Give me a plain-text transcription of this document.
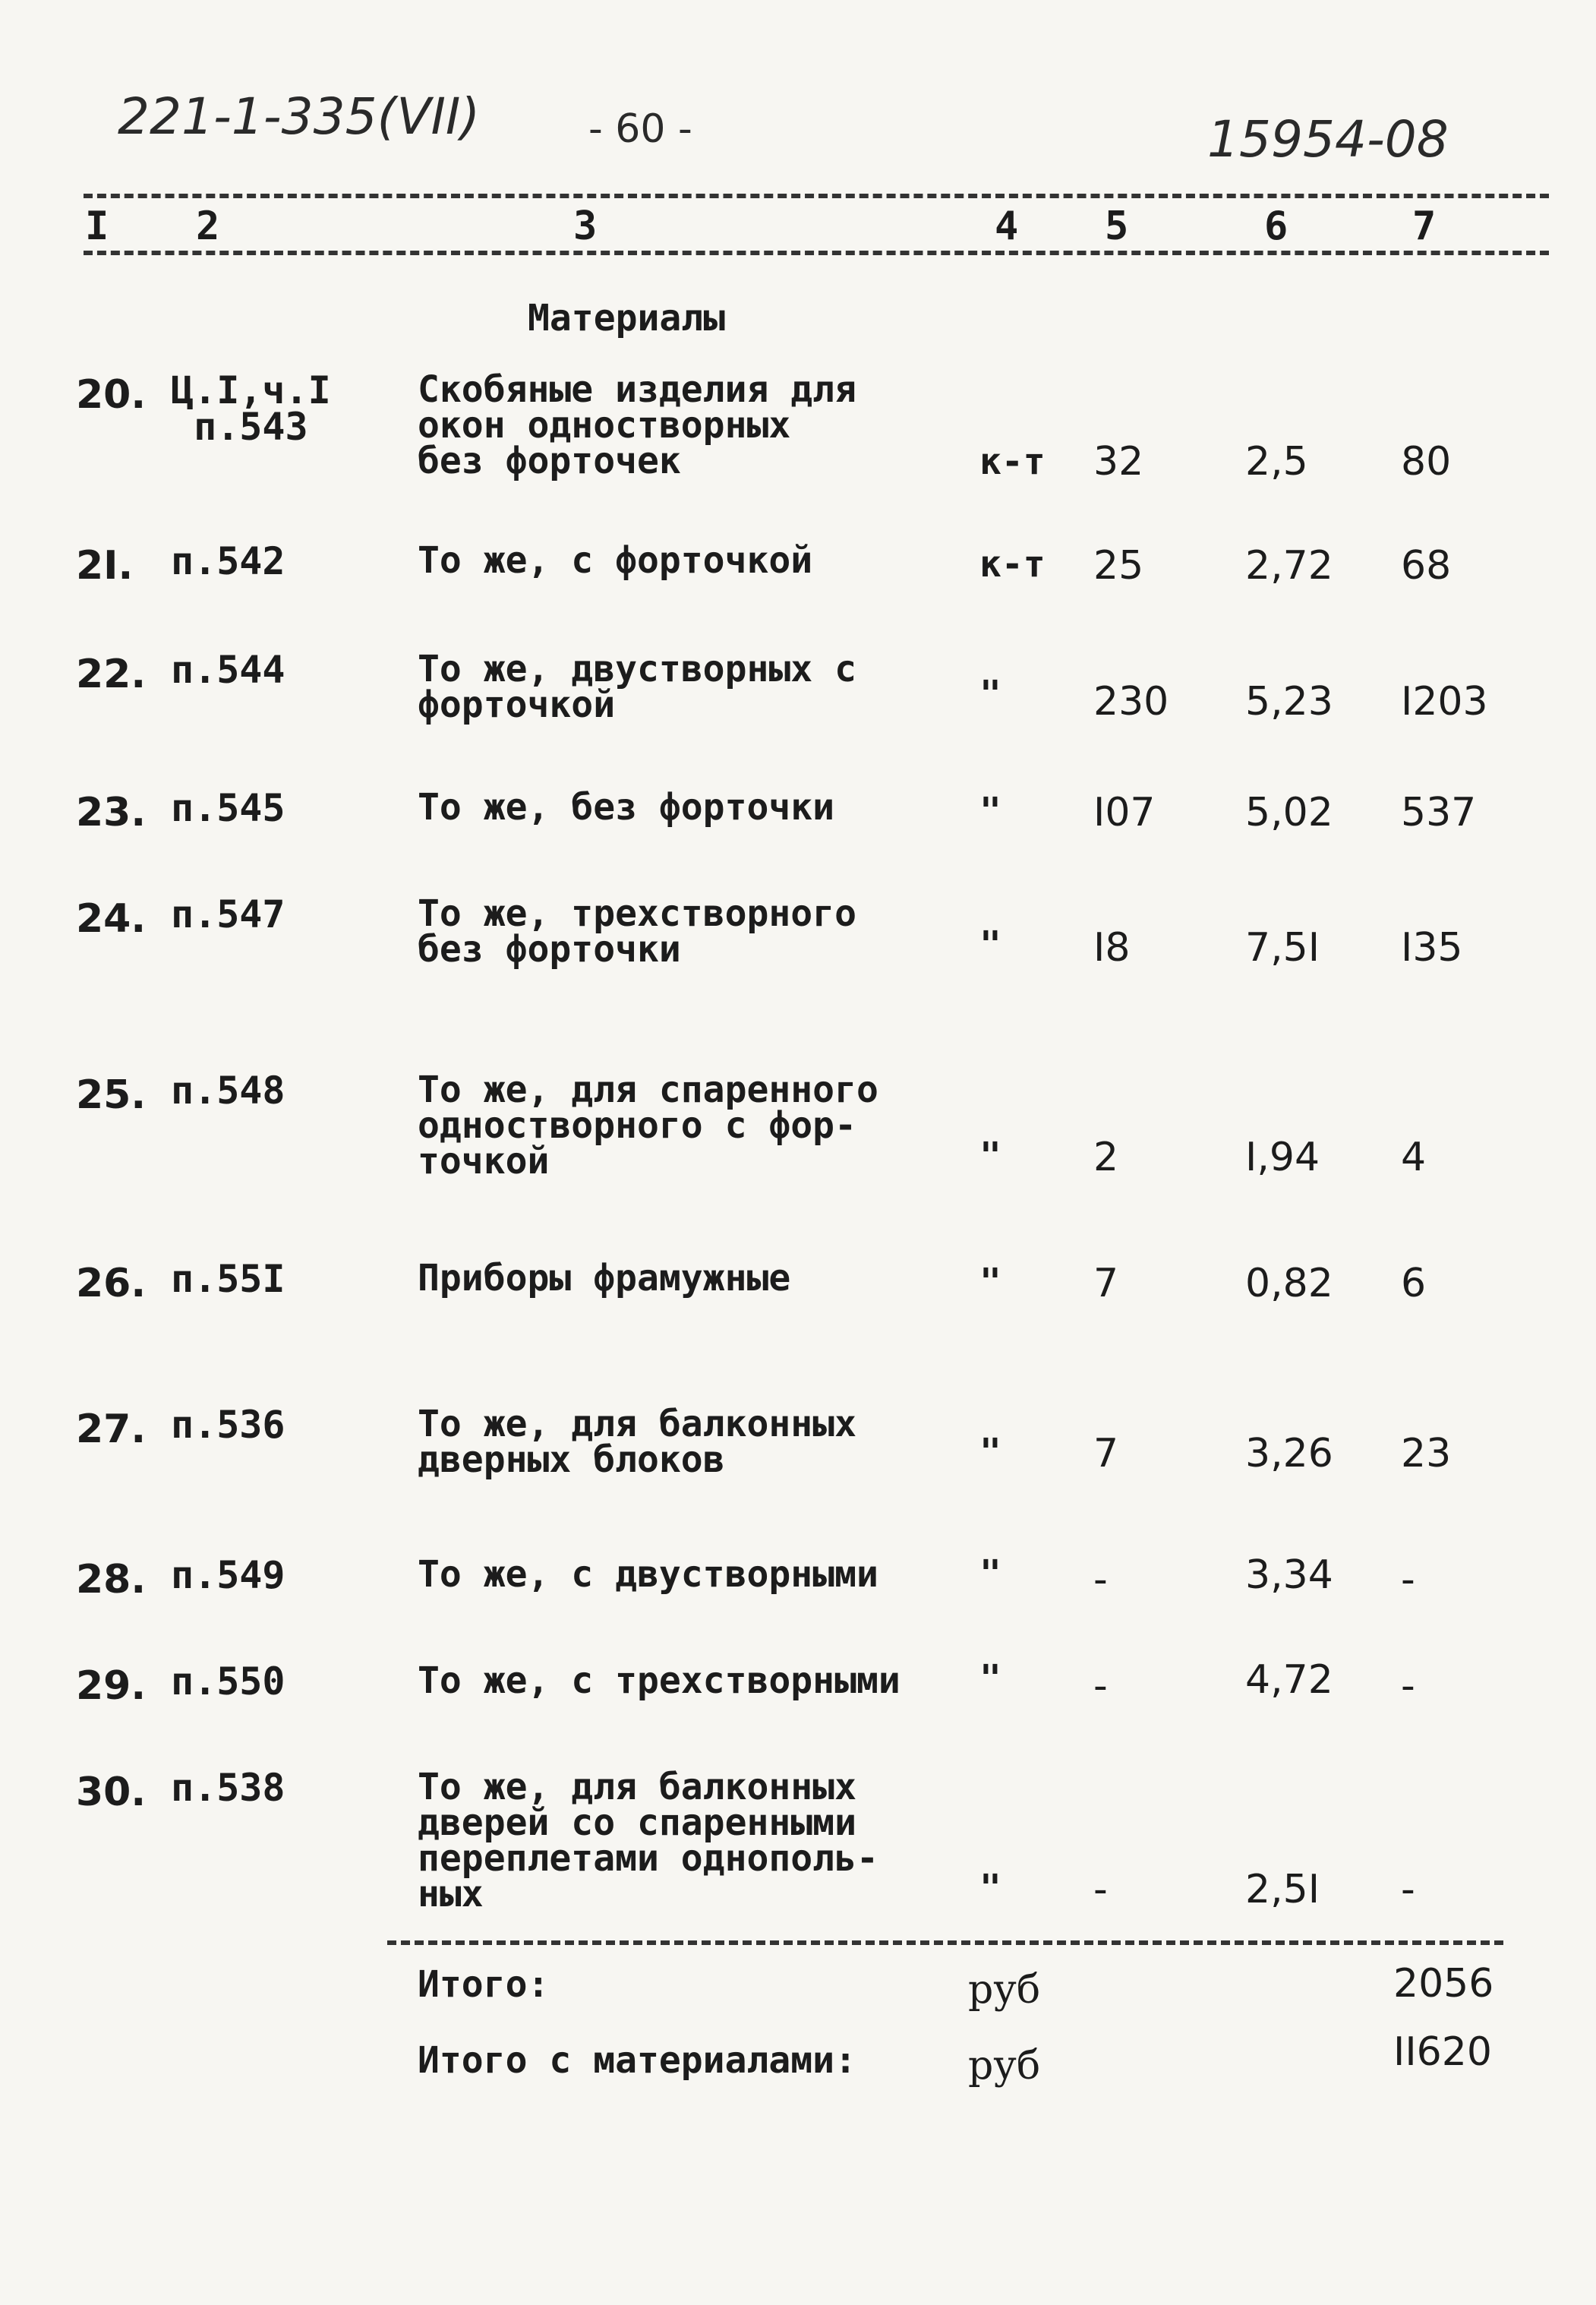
221-1-335(VII)	- 60 -	15954-08
I 2	3	4 5	6	7
Материалы
20. Ц.I,ч.I
п.543
Скобяные изделия для
окон одностворных
без форточек	к-т 32	2,5 80
2I. п.542	То же, с форточкой	к-т 25	2,72 68
22. п.544	То же, двустворных с
форточкой	" 230 5,23 I203
23. п.545	То же, без форточки	" I07 5,02 537
24. п.547	То же, трехстворного
без форточки	" I8	7,5I I35
25. п.548	То же, для спаренного
одностворного с фор-
точкой	" 2	I,94 4
26. п.55I	Приборы фрамужные	" 7	0,82 6
27. п.536	То же, для балконных
дверных блоков	" 7	3,26 23
28. п.549	То же, с двустворными	" -	3,34 -
29. п.550	То же, с трехстворными	" -	4,72 -
30. п.538	То же, для балконных
дверей со спаренными
переплетами однополь-
ных	" -	2,5I -
Итого:	руб	2056
Итого с материалами:	руб	II620
